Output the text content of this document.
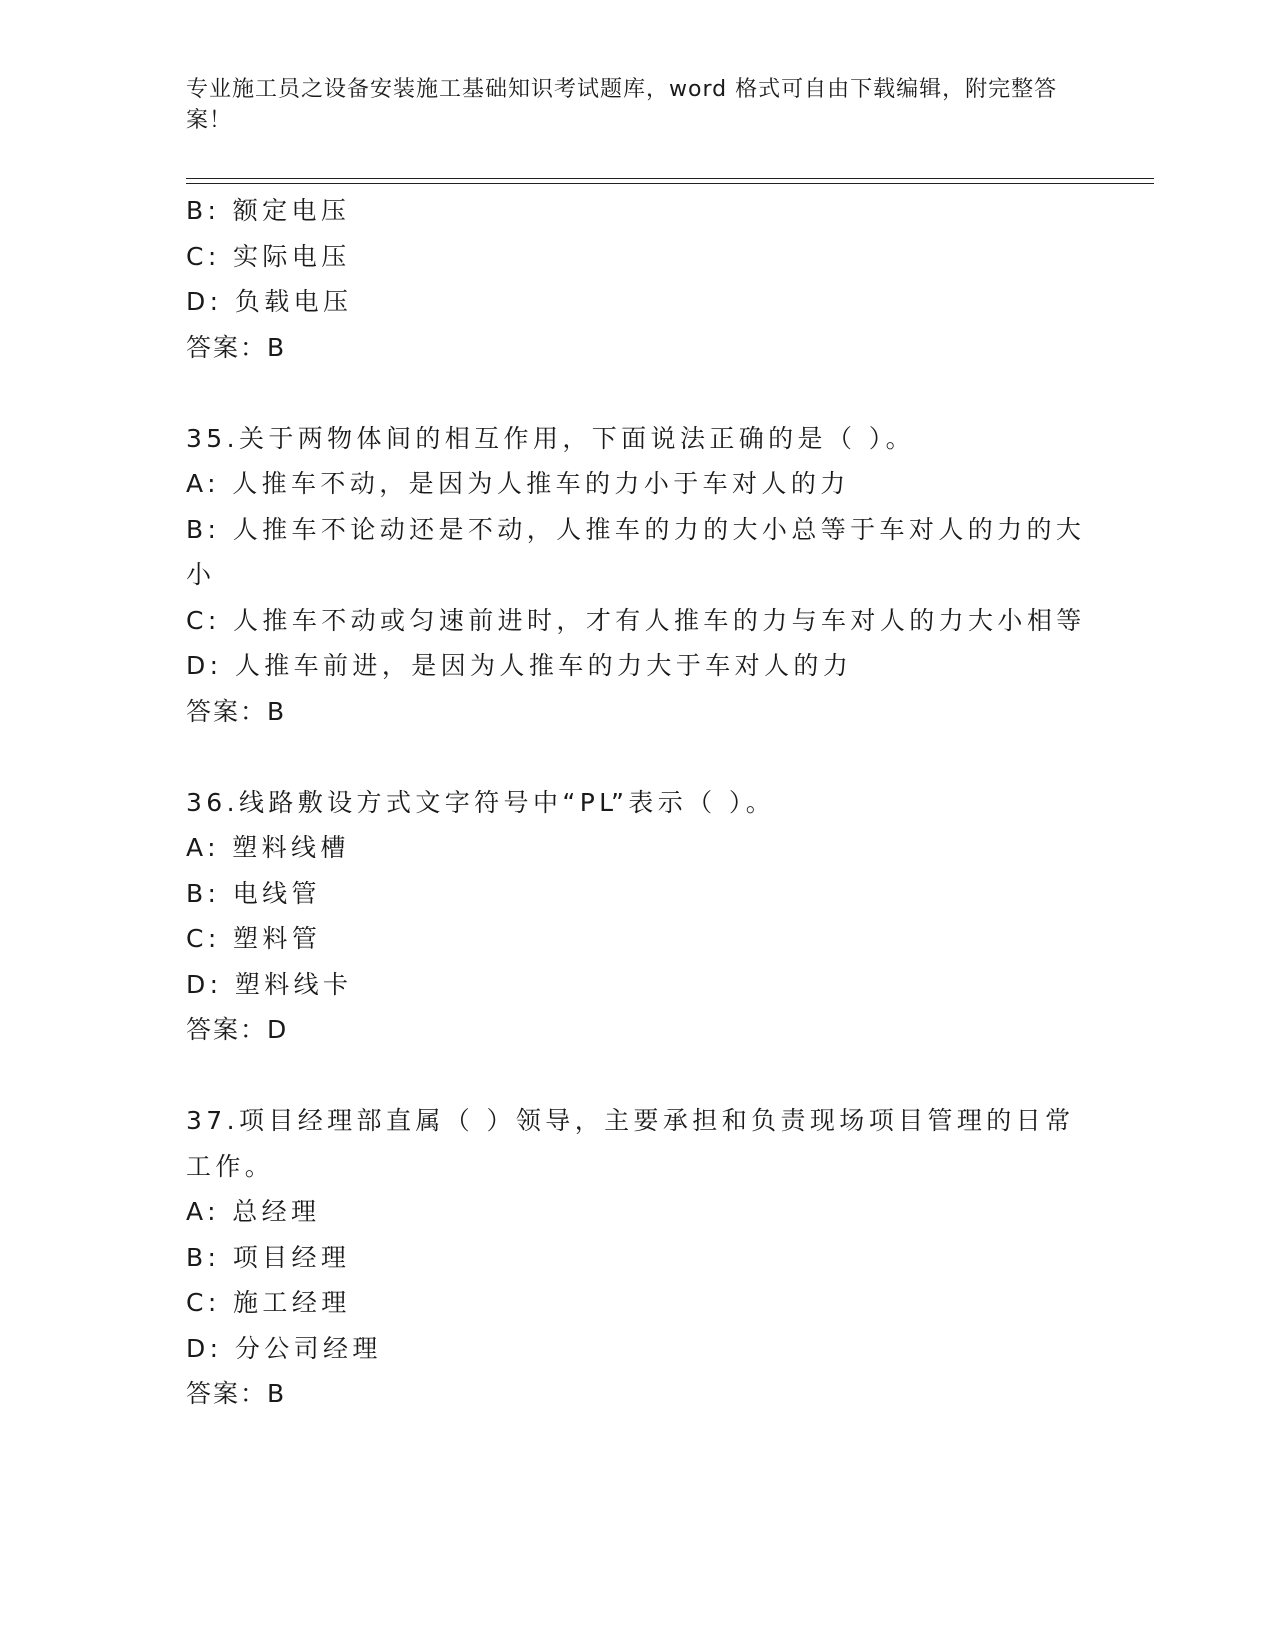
专业施工员之设备安装施工基础知识考试题库，word 格式可自由下载编辑，附完整答案！
B: 额定电压
C: 实际电压
D: 负载电压
答案：B
35.关于两物体间的相互作用，下面说法正确的是（ ）。
A: 人推车不动，是因为人推车的力小于车对人的力
B: 人推车不论动还是不动，人推车的力的大小总等于车对人的力的大小
C: 人推车不动或匀速前进时，才有人推车的力与车对人的力大小相等
D: 人推车前进，是因为人推车的力大于车对人的力
答案：B
36.线路敷设方式文字符号中“PL”表示（ ）。
A: 塑料线槽
B: 电线管
C: 塑料管
D: 塑料线卡
答案：D
37.项目经理部直属（ ）领导，主要承担和负责现场项目管理的日常工作。
A: 总经理
B: 项目经理
C: 施工经理
D: 分公司经理
答案：B
